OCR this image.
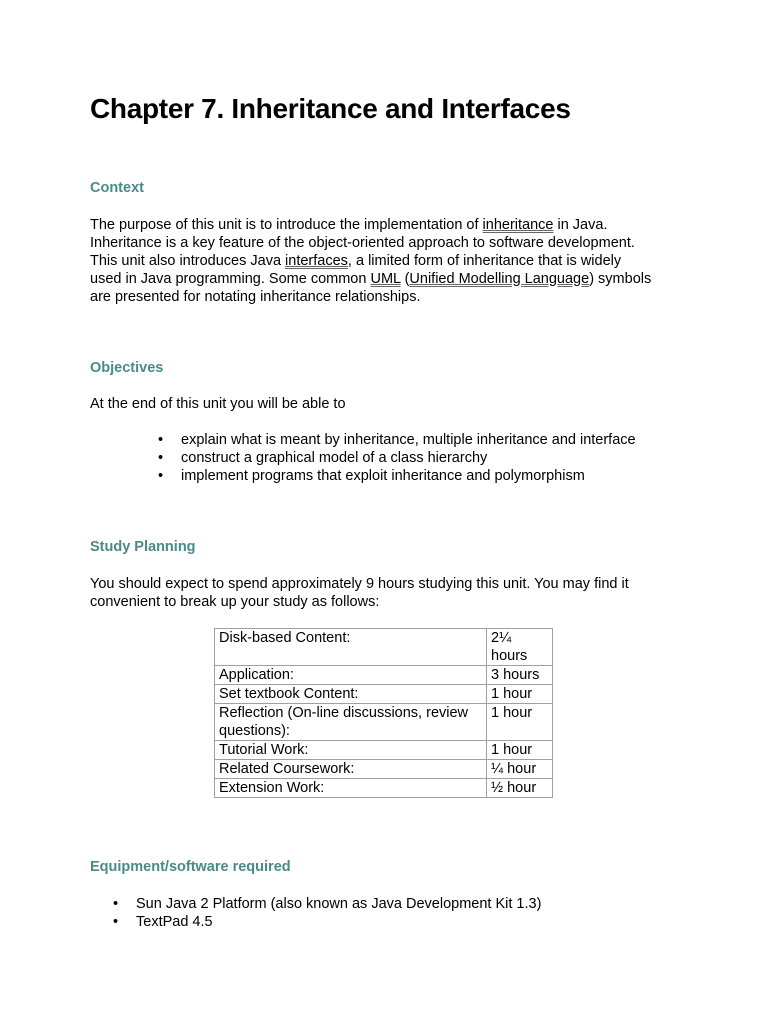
Chapter 7. Inheritance and Interfaces
Context

The purpose of this unit is to introduce the implementation of inheritance in Java.

Inheritance is a key feature of the object-oriented approach to software development.

This unit also introduces Java interfaces, a limited form of inheritance that is widely

used in Java programming. Some common UML (Unified Modelling Language) symbols

are presented for notating inheritance relationships.

Objectives
At the end of this unit you will be able to
• explain what is meant by inheritance, multiple inheritance and interface
• construct a graphical model of a class hierarchy
• implement programs that exploit inheritance and polymorphism
Study Planning

You should expect to spend approximately 9 hours studying this unit. You may find it

convenient to break up your study as follows:

Disk-based Content:	2¼ hours
Application:	3 hours
Set textbook Content:	1 hour
Reflection (On-line discussions, review questions):	1 hour
Tutorial Work:	1 hour
Related Coursework:	¼ hour
Extension Work:	½ hour
Equipment/software required
• Sun Java 2 Platform (also known as Java Development Kit 1.3)
• TextPad 4.5
